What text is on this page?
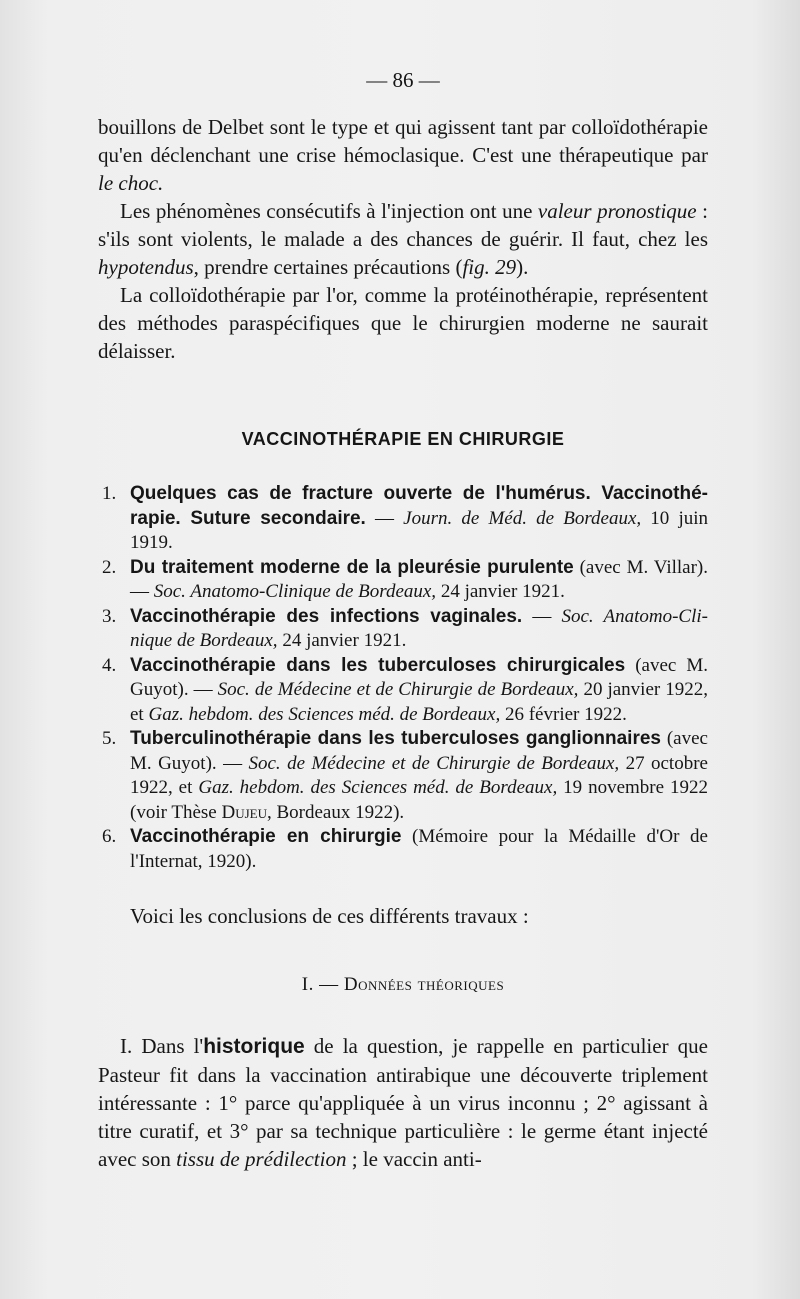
— 86 —

bouillons de Delbet sont le type et qui agissent tant par colloïdothérapie qu'en déclenchant une crise hémoclasique. C'est une thérapeutique par le choc.

Les phénomènes consécutifs à l'injection ont une valeur pronostique : s'ils sont violents, le malade a des chances de guérir. Il faut, chez les hypotendus, prendre certaines précautions (fig. 29).

La colloïdothérapie par l'or, comme la protéinothérapie, représentent des méthodes paraspécifiques que le chirurgien moderne ne saurait délaisser.

VACCINOTHÉRAPIE EN CHIRURGIE
1. Quelques cas de fracture ouverte de l'humérus. Vaccinothérapie. Suture secondaire. — Journ. de Méd. de Bordeaux, 10 juin 1919.
2. Du traitement moderne de la pleurésie purulente (avec M. Villar). — Soc. Anatomo-Clinique de Bordeaux, 24 janvier 1921.
3. Vaccinothérapie des infections vaginales. — Soc. Anatomo-Clinique de Bordeaux, 24 janvier 1921.
4. Vaccinothérapie dans les tuberculoses chirurgicales (avec M. Guyot). — Soc. de Médecine et de Chirurgie de Bordeaux, 20 janvier 1922, et Gaz. hebdom. des Sciences méd. de Bordeaux, 26 février 1922.
5. Tuberculinothérapie dans les tuberculoses ganglionnaires (avec M. Guyot). — Soc. de Médecine et de Chirurgie de Bordeaux, 27 octobre 1922, et Gaz. hebdom. des Sciences méd. de Bordeaux, 19 novembre 1922 (voir Thèse Dujeu, Bordeaux 1922).
6. Vaccinothérapie en chirurgie (Mémoire pour la Médaille d'Or de l'Internat, 1920).

Voici les conclusions de ces différents travaux :

I. — Données théoriques

I. Dans l'historique de la question, je rappelle en particulier que Pasteur fit dans la vaccination antirabique une découverte triplement intéressante : 1° parce qu'appliquée à un virus inconnu ; 2° agissant à titre curatif, et 3° par sa technique particulière : le germe étant injecté avec son tissu de prédilection ; le vaccin anti-
